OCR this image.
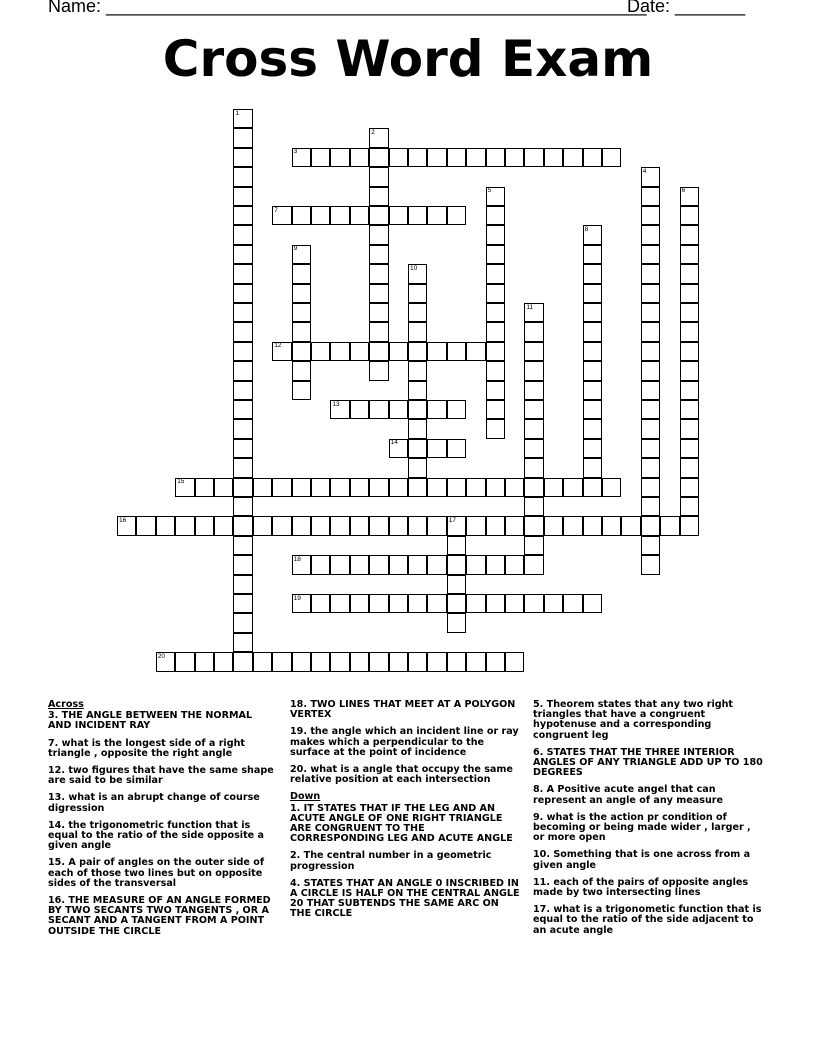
Name: ______________________________________________________
Date: _______
Cross Word Exam
1
2
3
4
5	6
7
8
9
10
11
12
13
14
15
16	17
18
19
20
Across
3. THE ANGLE BETWEEN THE NORMAL AND INCIDENT RAY
7. what is the longest side of a right triangle , opposite the right angle
12. two figures that have the same shape are said to be similar
13. what is an abrupt change of course digression
14. the trigonometric function that is equal to the ratio of the side opposite a given angle
15. A pair of angles on the outer side of each of those two lines but on opposite sides of the transversal
16. THE MEASURE OF AN ANGLE FORMED BY TWO SECANTS TWO TANGENTS , OR A SECANT AND A TANGENT FROM A POINT OUTSIDE THE CIRCLE
18. TWO LINES THAT MEET AT A POLYGON VERTEX
19. the angle which an incident line or ray makes which a perpendicular to the surface at the point of incidence
20. what is a angle that occupy the same relative position at each intersection
Down
1. IT STATES THAT IF THE LEG AND AN ACUTE ANGLE OF ONE RIGHT TRIANGLE ARE CONGRUENT TO THE CORRESPONDING LEG AND ACUTE ANGLE
2. The central number in a geometric progression
4. STATES THAT AN ANGLE 0 INSCRIBED IN A CIRCLE IS HALF ON THE CENTRAL ANGLE 20 THAT SUBTENDS THE SAME ARC ON THE CIRCLE
5. Theorem states that any two right triangles that have a congruent hypotenuse and a corresponding congruent leg
6. STATES THAT THE THREE INTERIOR ANGLES OF ANY TRIANGLE ADD UP TO 180 DEGREES
8. A Positive acute angel that can represent an angle of any measure
9. what is the action pr condition of becoming or being made wider , larger , or more open
10. Something that is one across from a given angle
11. each of the pairs of opposite angles made by two intersecting lines
17. what is a trigonometic function that is equal to the ratio of the side adjacent to an acute angle
